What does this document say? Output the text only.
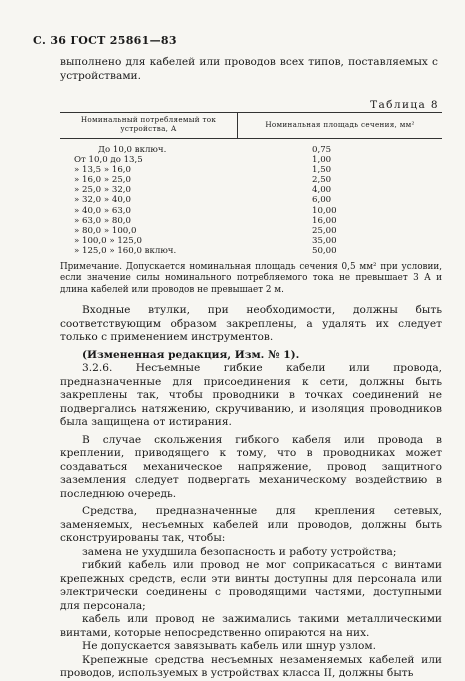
С. 36 ГОСТ 25861—83
выполнено для кабелей или проводов всех типов, поставляемых с устройствами.
Таблица 8
Номинальный потребляемый ток устройства, А	Номинальная площадь сечения, мм²
До 10,0 включ.	0,75
От 10,0 до 13,5	1,00
» 13,5 » 16,0	1,50
» 16,0 » 25,0	2,50
» 25,0 » 32,0	4,00
» 32,0 » 40,0	6,00
» 40,0 » 63,0	10,00
» 63,0 » 80,0	16,00
» 80,0 » 100,0	25,00
» 100,0 » 125,0	35,00
» 125,0 » 160,0 включ.	50,00
Примечание. Допускается номинальная площадь сечения 0,5 мм² при условии, если значение силы номинального потребляемого тока не превышает 3 А и длина кабелей или проводов не превышает 2 м.

Входные втулки, при необходимости, должны быть соответствующим образом закреплены, а удалять их следует только с применением инструментов.

(Измененная редакция, Изм. № 1).

3.2.6. Несъемные гибкие кабели или провода, предназначенные для присоединения к сети, должны быть закреплены так, чтобы проводники в точках соединений не подвергались натяжению, скручиванию, и изоляция проводников была защищена от истирания.

В случае скольжения гибкого кабеля или провода в креплении, приводящего к тому, что в проводниках может создаваться механическое напряжение, провод защитного заземления следует подвергать механическому воздействию в последнюю очередь.

Средства, предназначенные для крепления сетевых, заменяемых, несъемных кабелей или проводов, должны быть сконструированы так, чтобы:

замена не ухудшила безопасность и работу устройства;

гибкий кабель или провод не мог соприкасаться с винтами крепежных средств, если эти винты доступны для персонала или электрически соединены с проводящими частями, доступными для персонала;

кабель или провод не зажимались такими металлическими винтами, которые непосредственно опираются на них.

Не допускается завязывать кабель или шнур узлом.

Крепежные средства несъемных незаменяемых кабелей или проводов, используемых в устройствах класса II, должны быть
